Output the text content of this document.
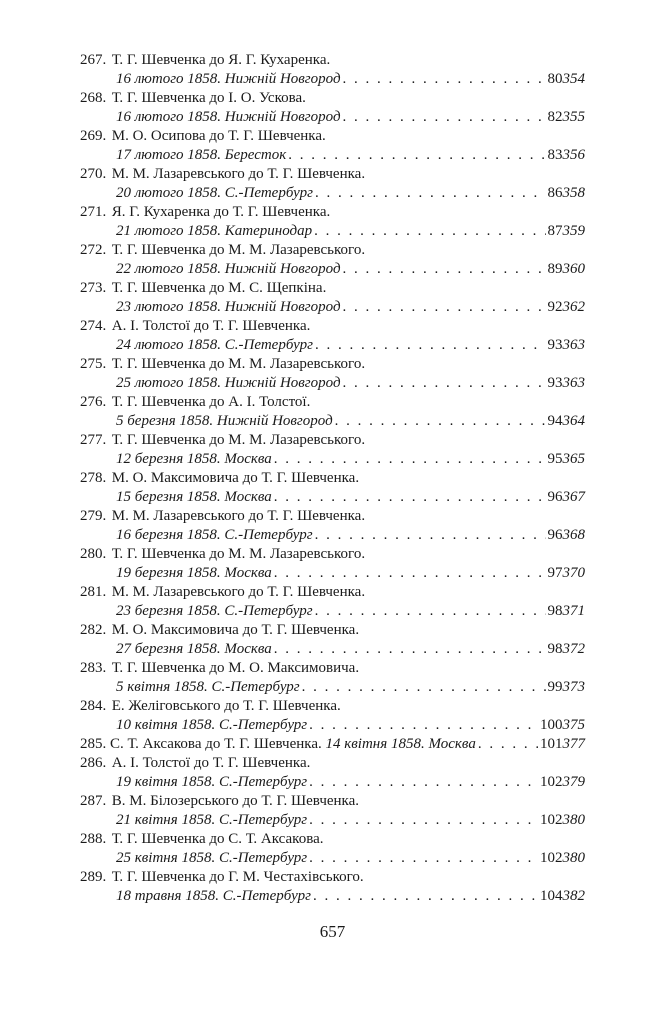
267. Т. Г. Шевченка до Я. Г. Кухаренка.
16 лютого 1858. Нижній Новгород . . .	80 354
268. Т. Г. Шевченка до І. О. Ускова.
16 лютого 1858. Нижній Новгород . . .	82 355
269. М. О. Осипова до Т. Г. Шевченка.
17 лютого 1858. Бересток . . .	83 356
270. М. М. Лазаревського до Т. Г. Шевченка.
20 лютого 1858. С.-Петербург . . .	86 358
271. Я. Г. Кухаренка до Т. Г. Шевченка.
21 лютого 1858. Катеринодар . . .	87 359
272. Т. Г. Шевченка до М. М. Лазаревського.
22 лютого 1858. Нижній Новгород . . .	89 360
273. Т. Г. Шевченка до М. С. Щепкіна.
23 лютого 1858. Нижній Новгород . . .	92 362
274. А. І. Толстої до Т. Г. Шевченка.
24 лютого 1858. С.-Петербург . . .	93 363
275. Т. Г. Шевченка до М. М. Лазаревського.
25 лютого 1858. Нижній Новгород . . .	93 363
276. Т. Г. Шевченка до А. І. Толстої.
5 березня 1858. Нижній Новгород . . .	94 364
277. Т. Г. Шевченка до М. М. Лазаревського.
12 березня 1858. Москва . . .	95 365
278. М. О. Максимовича до Т. Г. Шевченка.
15 березня 1858. Москва . . .	96 367
279. М. М. Лазаревського до Т. Г. Шевченка.
16 березня 1858. С.-Петербург . . .	96 368
280. Т. Г. Шевченка до М. М. Лазаревського.
19 березня 1858. Москва . . .	97 370
281. М. М. Лазаревського до Т. Г. Шевченка.
23 березня 1858. С.-Петербург . . .	98 371
282. М. О. Максимовича до Т. Г. Шевченка.
27 березня 1858. Москва . . .	98 372
283. Т. Г. Шевченка до М. О. Максимовича.
5 квітня 1858. С.-Петербург . . .	99 373
284. Е. Желіговського до Т. Г. Шевченка.
10 квітня 1858. С.-Петербург . . .	100 375
285.
С. Т. Аксакова до Т. Г. Шевченка.
14 квітня 1858. Москва . . .	101 377
286. А. І. Толстої до Т. Г. Шевченка.
19 квітня 1858. С.-Петербург . . .	102 379
287. В. М. Білозерського до Т. Г. Шевченка.
21 квітня 1858. С.-Петербург . . .	102 380
288. Т. Г. Шевченка до С. Т. Аксакова.
25 квітня 1858. С.-Петербург . . .	102 380
289. Т. Г. Шевченка до Г. М. Честахівського.
18 травня 1858. С.-Петербург . . .	104 382
657
